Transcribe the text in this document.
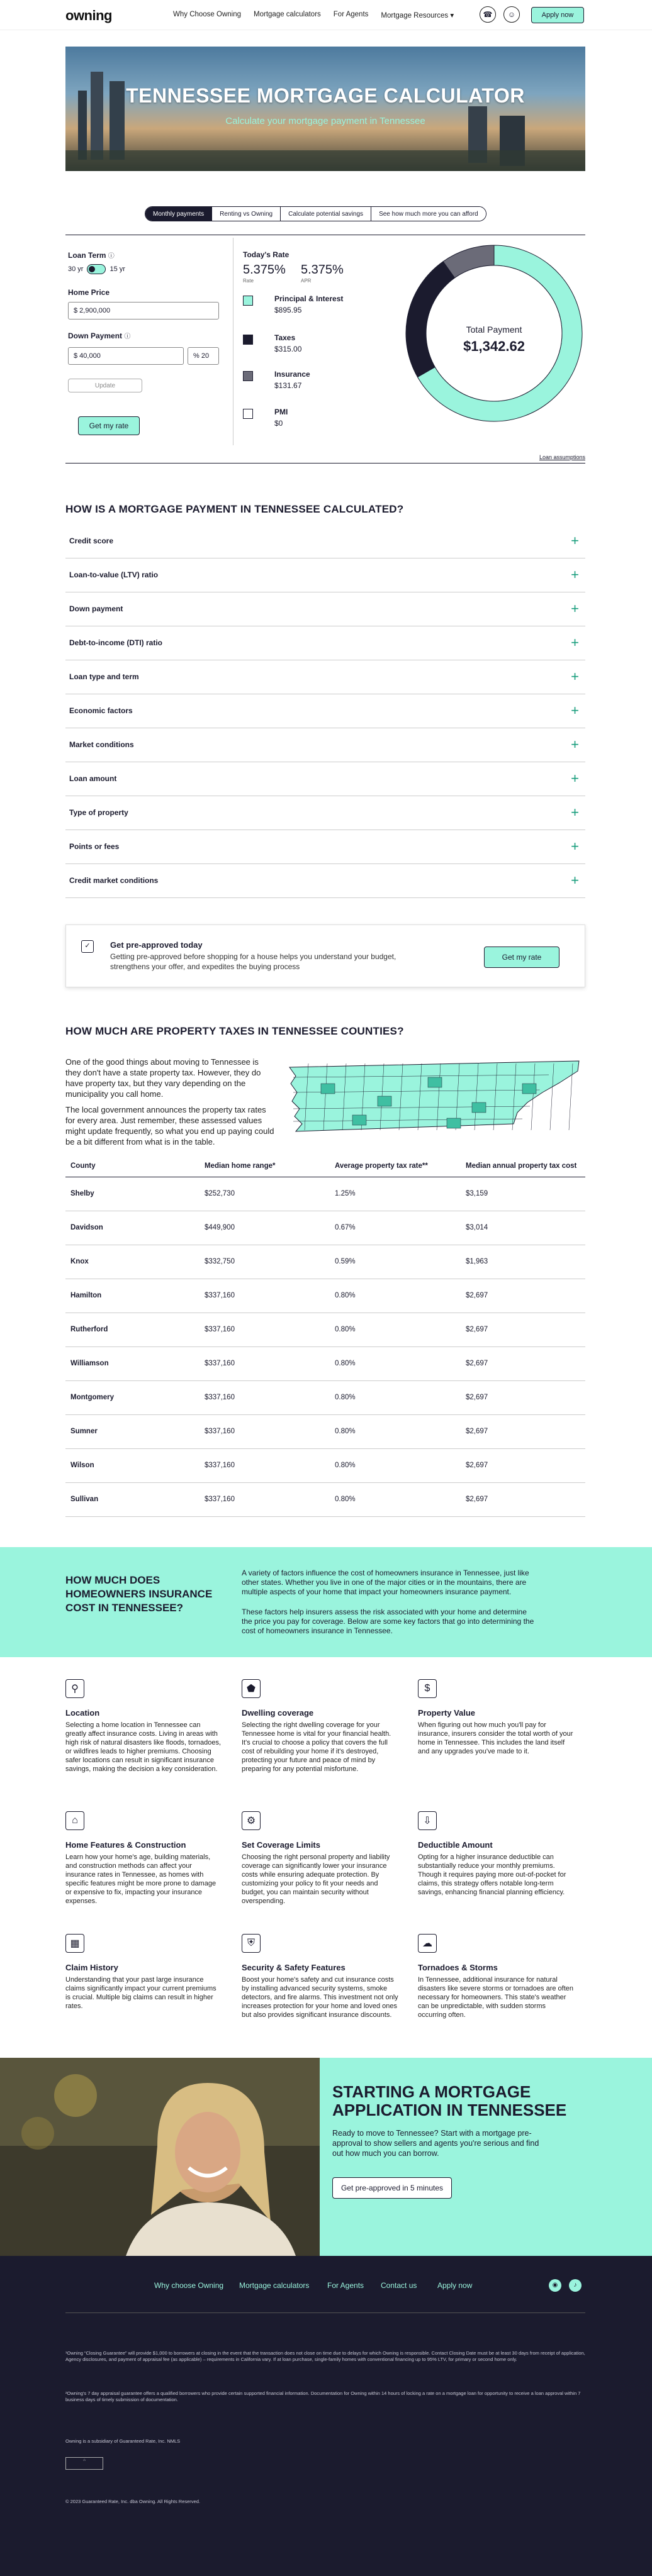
owning	Why Choose Owning Mortgage calculators For Agents Mortgage Resources ▾	☎	☺	Apply now
TENNESSEE MORTGAGE CALCULATOR
Calculate your mortgage payment in Tennessee
Monthly payments	Renting vs Owning	Calculate potential savings	See how much more you can afford
Loan Term ⓘ
30 yr	15 yr
Home Price
$ 2,900,000
Down Payment ⓘ
$ 40,000	% 20
Update
Get my rate
Today's Rate
5.375%
Rate
5.375%
APR
Principal & Interest
$895.95
Taxes
$315.00
Insurance
$131.67
PMI
$0
Total Payment
$1,342.62
Loan assumptions
HOW IS A MORTGAGE PAYMENT IN TENNESSEE CALCULATED?
Credit score	+
Loan-to-value (LTV) ratio	+
Down payment	+
Debt-to-income (DTI) ratio	+
Loan type and term	+
Economic factors	+
Market conditions	+
Loan amount	+
Type of property	+
Points or fees	+
Credit market conditions	+
✓	Get pre-approved today
Getting pre-approved before shopping for a house helps you understand your budget, strengthens your offer, and expedites the buying process
Get my rate
HOW MUCH ARE PROPERTY TAXES IN TENNESSEE COUNTIES?
One of the good things about moving to Tennessee is they don't have a state property tax. However, they do have property tax, but they vary depending on the municipality you call home.
The local government announces the property tax rates for every area. Just remember, these assessed values might update frequently, so what you end up paying could be a bit different from what is in the table.
County	Median home range*	Average property tax rate**	Median annual property tax cost
Shelby	$252,730	1.25%	$3,159
Davidson	$449,900	0.67%	$3,014
Knox	$332,750	0.59%	$1,963
Hamilton	$337,160	0.80%	$2,697
Rutherford	$337,160	0.80%	$2,697
Williamson	$337,160	0.80%	$2,697
Montgomery	$337,160	0.80%	$2,697
Sumner	$337,160	0.80%	$2,697
Wilson	$337,160	0.80%	$2,697
Sullivan	$337,160	0.80%	$2,697
HOW MUCH DOES HOMEOWNERS INSURANCE COST IN TENNESSEE?
A variety of factors influence the cost of homeowners insurance in Tennessee, just like other states. Whether you live in one of the major cities or in the mountains, there are multiple aspects of your home that impact your homeowners insurance payment.
These factors help insurers assess the risk associated with your home and determine the price you pay for coverage. Below are some key factors that go into determining the cost of homeowners insurance in Tennessee.
⚲
Location
Selecting a home location in Tennessee can greatly affect insurance costs. Living in areas with high risk of natural disasters like floods, tornadoes, or wildfires leads to higher premiums. Choosing safer locations can result in significant insurance savings, making the decision a key consideration.
⬟
Dwelling coverage
Selecting the right dwelling coverage for your Tennessee home is vital for your financial health. It's crucial to choose a policy that covers the full cost of rebuilding your home if it's destroyed, protecting your future and peace of mind by preparing for any potential misfortune.
$
Property Value
When figuring out how much you'll pay for insurance, insurers consider the total worth of your home in Tennessee. This includes the land itself and any upgrades you've made to it.
⌂
Home Features & Construction
Learn how your home's age, building materials, and construction methods can affect your insurance rates in Tennessee, as homes with specific features might be more prone to damage or expensive to fix, impacting your insurance expenses.
⚙
Set Coverage Limits
Choosing the right personal property and liability coverage can significantly lower your insurance costs while ensuring adequate protection. By customizing your policy to fit your needs and budget, you can maintain security without overspending.
⇩
Deductible Amount
Opting for a higher insurance deductible can substantially reduce your monthly premiums. Though it requires paying more out-of-pocket for claims, this strategy offers notable long-term savings, enhancing financial planning efficiency.
▦
Claim History
Understanding that your past large insurance claims significantly impact your current premiums is crucial. Multiple big claims can result in higher rates.
⛨
Security & Safety Features
Boost your home's safety and cut insurance costs by installing advanced security systems, smoke detectors, and fire alarms. This investment not only increases protection for your home and loved ones but also provides significant insurance discounts.
☁
Tornadoes & Storms
In Tennessee, additional insurance for natural disasters like severe storms or tornadoes are often necessary for homeowners. This state's weather can be unpredictable, with sudden storms occurring often.
STARTING A MORTGAGE APPLICATION IN TENNESSEE
Ready to move to Tennessee? Start with a mortgage pre-approval to show sellers and agents you're serious and find out how much you can borrow.
Get pre-approved in 5 minutes
Why choose Owning Mortgage calculators For Agents Contact us	Apply now	◉	♪
¹Owning “Closing Guarantee” will provide $1,000 to borrowers at closing in the event that the transaction does not close on time due to delays for which Owning is responsible. Contact Closing Date must be at least 30 days from receipt of application, Agency disclosures, and payment of appraisal fee (as applicable) – requirements in California vary. If at loan purchase, single-family homes with conventional financing up to 95% LTV, for primary or second home only.
²Owning's 7 day appraisal guarantee offers a qualified borrowers who provide certain supported financial information. Documentation for Owning within 14 hours of locking a rate on a mortgage loan for opportunity to receive a loan approval within 7 business days of timely submission of documentation.
Owning is a subsidiary of Guaranteed Rate, Inc. NMLS
⌂
© 2023 Guaranteed Rate, Inc. dba Owning. All Rights Reserved.
